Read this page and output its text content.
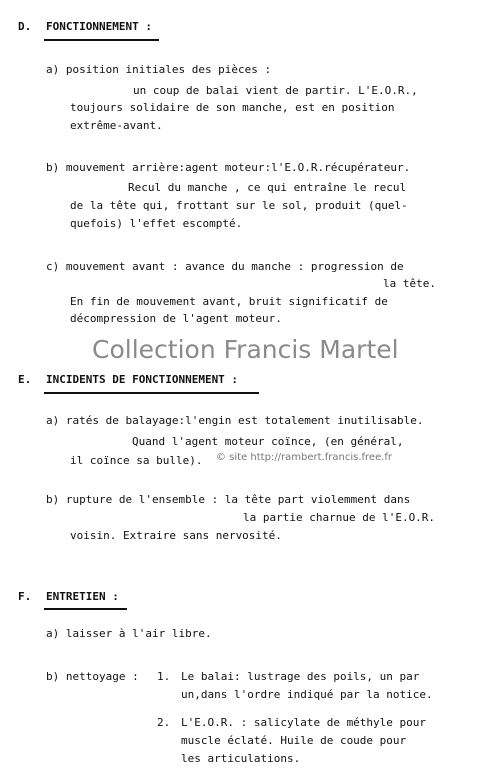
D. FONCTIONNEMENT :
a) position initiales des pièces :
un coup de balai vient de partir. L'E.O.R.,
toujours solidaire de son manche, est en position
extrême-avant.
b) mouvement arrière:agent moteur:l'E.O.R.récupérateur.
Recul du manche , ce qui entraîne le recul
de la tête qui, frottant sur le sol, produit (quel-
quefois) l'effet escompté.
c) mouvement avant : avance du manche : progression de
la tête.
En fin de mouvement avant, bruit significatif de
décompression de l'agent moteur.
Collection Francis Martel
E. INCIDENTS DE FONCTIONNEMENT :
a) ratés de balayage:l'engin est totalement inutilisable.
Quand l'agent moteur coïnce, (en général,
il coïnce sa bulle). © site http://rambert.francis.free.fr
b) rupture de l'ensemble : la tête part violemment dans
la partie charnue de l'E.O.R.
voisin. Extraire sans nervosité.
F. ENTRETIEN :
a) laisser à l'air libre.
b) nettoyage : 1. Le balai: lustrage des poils, un par
un,dans l'ordre indiqué par la notice.
2. L'E.O.R. : salicylate de méthyle pour
muscle éclaté. Huile de coude pour
les articulations.
